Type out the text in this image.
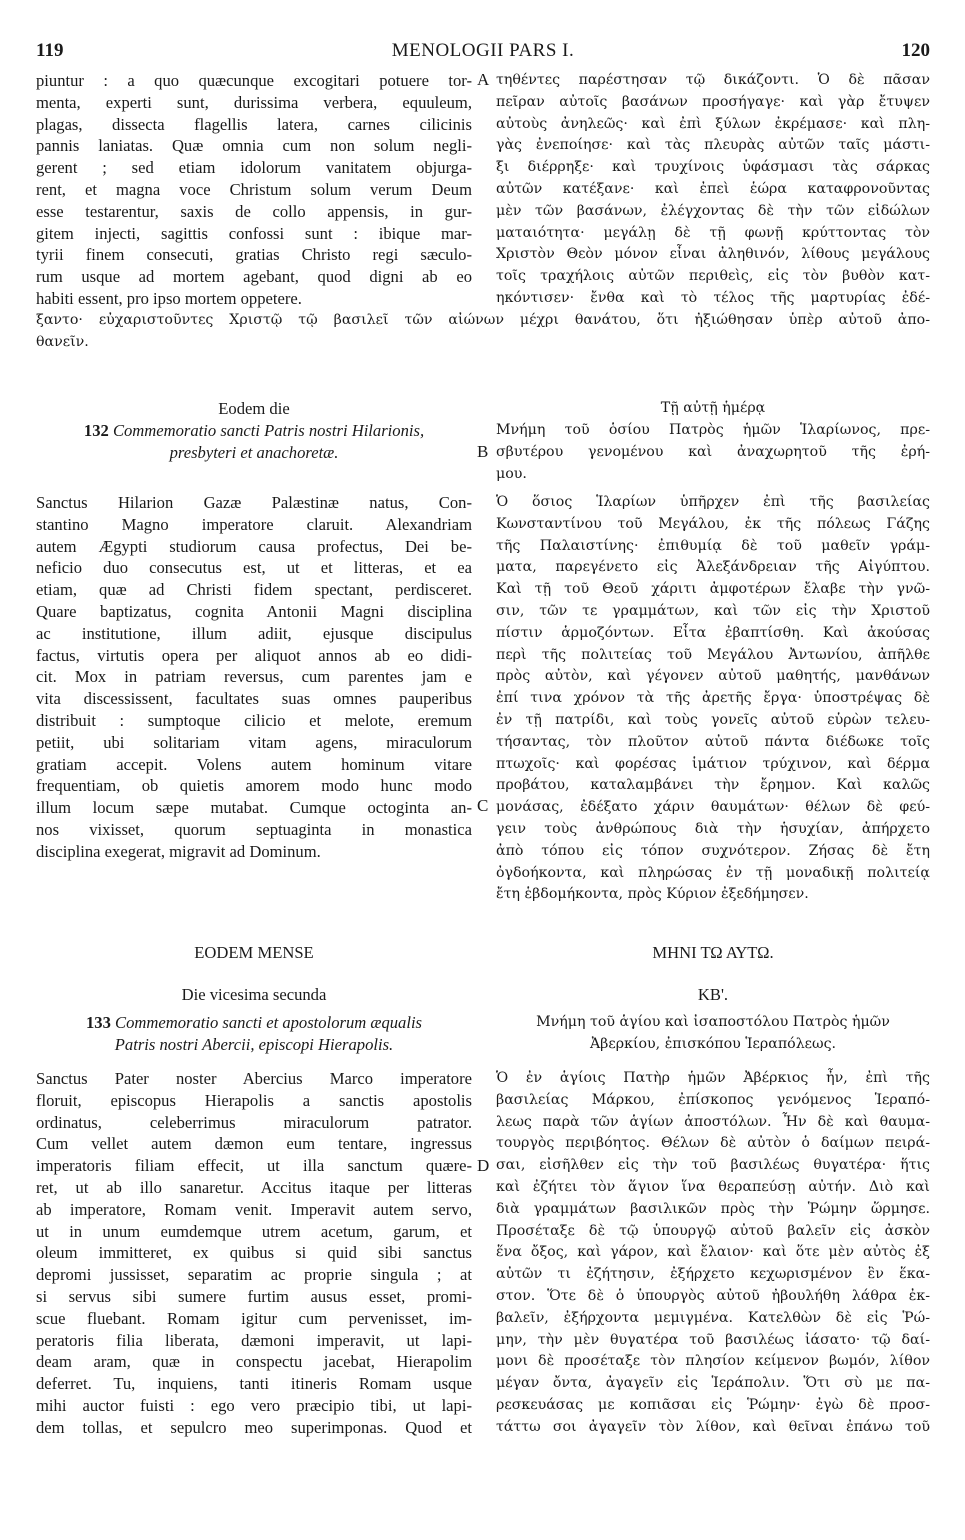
119	MENOLOGII PARS I.	120
piuntur : a quo quæcunque excogitari potuere tor-
menta, experti sunt, durissima verbera, equuleum,
plagas, dissecta flagellis latera, carnes cilicinis
pannis laniatas. Quæ omnia cum non solum negli-
gerent ; sed etiam idolorum vanitatem objurga-
rent, et magna voce Christum solum verum Deum
esse testarentur, saxis de collo appensis, in gur-
gitem injecti, sagittis confossi sunt : ibique mar-
tyrii finem consecuti, gratias Christo regi sæculo-
rum usque ad mortem agebant, quod digni ab eo
habiti essent, pro ipso mortem oppetere.
τηθέντες παρέστησαν τῷ δικάζοντι. Ὁ δὲ πᾶσαν
πεῖραν αὐτοῖς βασάνων προσήγαγε· καὶ γὰρ ἔτυψεν
αὐτοὺς ἀνηλεῶς· καὶ ἐπὶ ξύλων ἐκρέμασε· καὶ πλη-
γὰς ἐνεποίησε· καὶ τὰς πλευρὰς αὐτῶν ταῖς μάστι-
ξι διέρρηξε· καὶ τρυχίνοις ὑφάσμασι τὰς σάρκας
αὐτῶν κατέξανε· καὶ ἐπεὶ ἑώρα καταφρονοῦντας
μὲν τῶν βασάνων, ἐλέγχοντας δὲ τὴν τῶν εἰδώλων
ματαιότητα· μεγάλῃ δὲ τῇ φωνῇ κρύττοντας τὸν
Χριστὸν Θεὸν μόνον εἶναι ἀληθινόν, λίθους μεγάλους
τοῖς τραχήλοις αὐτῶν περιθεὶς, εἰς τὸν βυθὸν κατ-
ηκόντισεν· ἔνθα καὶ τὸ τέλος τῆς μαρτυρίας ἐδέ-
ξαντο· εὐχαριστοῦντες Χριστῷ τῷ βασιλεῖ τῶν αἰώνων μέχρι θανάτου, ὅτι ἠξιώθησαν ὑπὲρ αὐτοῦ ἀπο-
θανεῖν.
A
Eodem die
132 Commemoratio sancti Patris nostri Hilarionis,
presbyteri et anachoretæ.
Τῇ αὐτῇ ἡμέρᾳ
Μνήμη τοῦ ὁσίου Πατρὸς ἡμῶν Ἱλαρίωνος, πρε-
σβυτέρου γενομένου καὶ ἀναχωρητοῦ τῆς ἐρή-
μου.
B
Sanctus Hilarion Gazæ Palæstinæ natus, Con-
stantino Magno imperatore claruit. Alexandriam
autem Ægypti studiorum causa profectus, Dei be-
neficio duo consecutus est, ut et litteras, et ea
etiam, quæ ad Christi fidem spectant, perdisceret.
Quare baptizatus, cognita Antonii Magni disciplina
ac institutione, illum adiit, ejusque discipulus
factus, virtutis opera per aliquot annos ab eo didi-
cit. Mox in patriam reversus, cum parentes jam e
vita discessissent, facultates suas omnes pauperibus
distribuit : sumptoque cilicio et melote, eremum
petiit, ubi solitariam vitam agens, miraculorum
gratiam accepit. Volens autem hominum vitare
frequentiam, ob quietis amorem modo hunc modo
illum locum sæpe mutabat. Cumque octoginta an-
nos vixisset, quorum septuaginta in monastica
disciplina exegerat, migravit ad Dominum.
Ὁ ὅσιος Ἱλαρίων ὑπῆρχεν ἐπὶ τῆς βασιλείας
Κωνσταντίνου τοῦ Μεγάλου, ἐκ τῆς πόλεως Γάζης
τῆς Παλαιστίνης· ἐπιθυμίᾳ δὲ τοῦ μαθεῖν γράμ-
ματα, παρεγένετο εἰς Ἀλεξάνδρειαν τῆς Αἰγύπτου.
Καὶ τῇ τοῦ Θεοῦ χάριτι ἀμφοτέρων ἔλαβε τὴν γνῶ-
σιν, τῶν τε γραμμάτων, καὶ τῶν εἰς τὴν Χριστοῦ
πίστιν ἁρμοζόντων. Εἶτα ἐβαπτίσθη. Καὶ ἀκούσας
περὶ τῆς πολιτείας τοῦ Μεγάλου Ἀντωνίου, ἀπῆλθε
πρὸς αὐτὸν, καὶ γέγονεν αὐτοῦ μαθητής, μανθάνων
ἐπί τινα χρόνον τὰ τῆς ἀρετῆς ἔργα· ὑποστρέψας δὲ
ἐν τῇ πατρίδι, καὶ τοὺς γονεῖς αὐτοῦ εὑρὼν τελευ-
τήσαντας, τὸν πλοῦτον αὐτοῦ πάντα διέδωκε τοῖς
πτωχοῖς· καὶ φορέσας ἱμάτιον τρύχινον, καὶ δέρμα
προβάτου, καταλαμβάνει τὴν ἔρημον. Καὶ καλῶς
μονάσας, ἐδέξατο χάριν θαυμάτων· θέλων δὲ φεύ-
γειν τοὺς ἀνθρώπους διὰ τὴν ἡσυχίαν, ἀπήρχετο
ἀπὸ τόπου εἰς τόπον συχνότερον. Ζήσας δὲ ἔτη
ὀγδοήκοντα, καὶ πληρώσας ἐν τῇ μοναδικῇ πολιτείᾳ
ἔτη ἑβδομήκοντα, πρὸς Κύριον ἐξεδήμησεν.
C
EODEM MENSE
Die vicesima secunda
ΜΗΝΙ ΤΩ ΑΥΤΩ.
ΚΒ'.
133 Commemoratio sancti et apostolorum æqualis
Patris nostri Abercii, episcopi Hierapolis.
Μνήμη τοῦ ἁγίου καὶ ἰσαποστόλου Πατρὸς ἡμῶν
Ἀβερκίου, ἐπισκόπου Ἱεραπόλεως.
Sanctus Pater noster Abercius Marco imperatore
floruit, episcopus Hierapolis a sanctis apostolis
ordinatus, celeberrimus miraculorum patrator.
Cum vellet autem dæmon eum tentare, ingressus
imperatoris filiam effecit, ut illa sanctum quære-
ret, ut ab illo sanaretur. Accitus itaque per litteras
ab imperatore, Romam venit. Imperavit autem servo,
ut in unum eumdemque utrem acetum, garum, et
oleum immitteret, ex quibus si quid sibi sanctus
depromi jussisset, separatim ac proprie singula ; at
si servus sibi sumere furtim ausus esset, promi-
scue fluebant. Romam igitur cum pervenisset, im-
peratoris filia liberata, dæmoni imperavit, ut lapi-
deam aram, quæ in conspectu jacebat, Hierapolim
deferret. Tu, inquiens, tanti itineris Romam usque
mihi auctor fuisti : ego vero præcipio tibi, ut lapi-
dem tollas, et sepulcro meo superimponas. Quod et
Ὁ ἐν ἁγίοις Πατὴρ ἡμῶν Ἀβέρκιος ἦν, ἐπὶ τῆς
βασιλείας Μάρκου, ἐπίσκοπος γενόμενος Ἱεραπό-
λεως παρὰ τῶν ἁγίων ἀποστόλων. Ἦν δὲ καὶ θαυμα-
τουργὸς περιβόητος. Θέλων δὲ αὐτὸν ὁ δαίμων πειρά-
σαι, εἰσῆλθεν εἰς τὴν τοῦ βασιλέως θυγατέρα· ἥτις
καὶ ἐζήτει τὸν ἅγιον ἵνα θεραπεύσῃ αὐτήν. Διὸ καὶ
διὰ γραμμάτων βασιλικῶν πρὸς τὴν Ῥώμην ὥρμησε.
Προσέταξε δὲ τῷ ὑπουργῷ αὐτοῦ βαλεῖν εἰς ἀσκὸν
ἕνα ὄξος, καὶ γάρον, καὶ ἔλαιον· καὶ ὅτε μὲν αὐτὸς ἐξ
αὐτῶν τι ἐζήτησιν, ἐξήρχετο κεχωρισμένον ἓν ἕκα-
στον. Ὅτε δὲ ὁ ὑπουργὸς αὐτοῦ ἠβουλήθη λάθρα ἐκ-
βαλεῖν, ἐξήρχοντα μεμιγμένα. Κατελθὼν δὲ εἰς Ῥώ-
μην, τὴν μὲν θυγατέρα τοῦ βασιλέως ἰάσατο· τῷ δαί-
μονι δὲ προσέταξε τὸν πλησίον κείμενον βωμόν, λίθον
μέγαν ὄντα, ἀγαγεῖν εἰς Ἱεράπολιν. Ὅτι σὺ με πα-
ρεσκευάσας με κοπιᾶσαι εἰς Ῥώμην· ἐγὼ δὲ προσ-
τάττω σοι ἀγαγεῖν τὸν λίθον, καὶ θεῖναι ἐπάνω τοῦ
D
